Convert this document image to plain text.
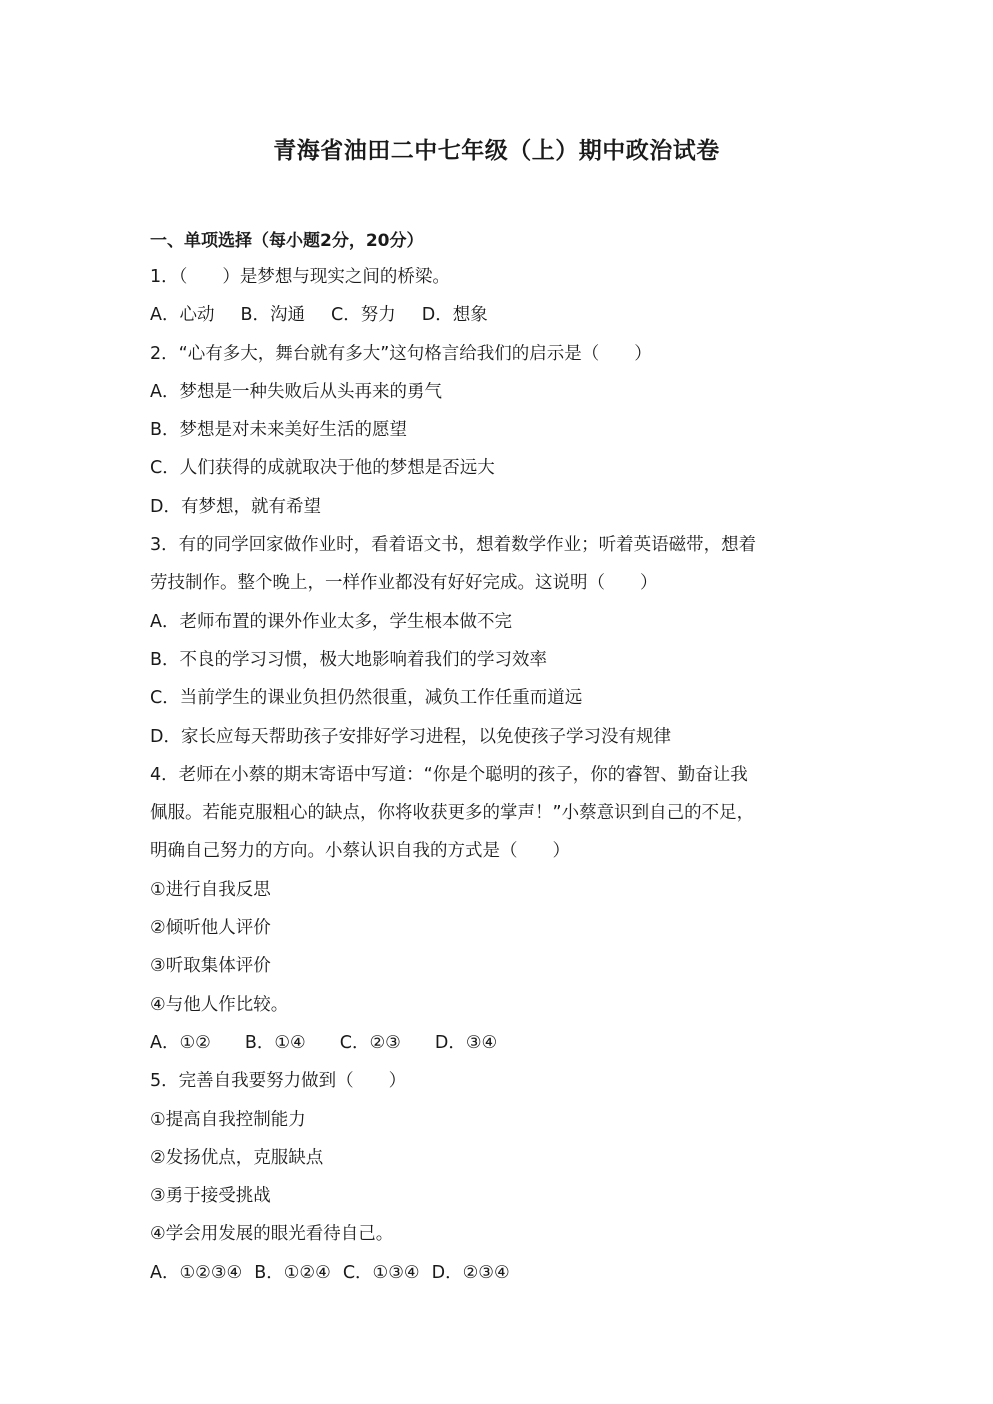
青海省油田二中七年级（上）期中政治试卷
一、单项选择（每小题2分，20分）
1．（　　）是梦想与现实之间的桥梁。
A．心动 B．沟通 C．努力 D．想象
2．“心有多大，舞台就有多大”这句格言给我们的启示是（　　）
A．梦想是一种失败后从头再来的勇气
B．梦想是对未来美好生活的愿望
C．人们获得的成就取决于他的梦想是否远大
D．有梦想，就有希望
3．有的同学回家做作业时，看着语文书，想着数学作业；听着英语磁带，想着
劳技制作。整个晚上，一样作业都没有好好完成。这说明（　　）
A．老师布置的课外作业太多，学生根本做不完
B．不良的学习习惯，极大地影响着我们的学习效率
C．当前学生的课业负担仍然很重，减负工作任重而道远
D．家长应每天帮助孩子安排好学习进程，以免使孩子学习没有规律
4．老师在小蔡的期末寄语中写道：“你是个聪明的孩子，你的睿智、勤奋让我
佩服。若能克服粗心的缺点，你将收获更多的掌声！”小蔡意识到自己的不足，
明确自己努力的方向。小蔡认识自我的方式是（　　）
①进行自我反思
②倾听他人评价
③听取集体评价
④与他人作比较。
A．①② B．①④ C．②③ D．③④
5．完善自我要努力做到（　　）
①提高自我控制能力
②发扬优点，克服缺点
③勇于接受挑战
④学会用发展的眼光看待自己。
A．①②③④ B．①②④ C．①③④ D．②③④
